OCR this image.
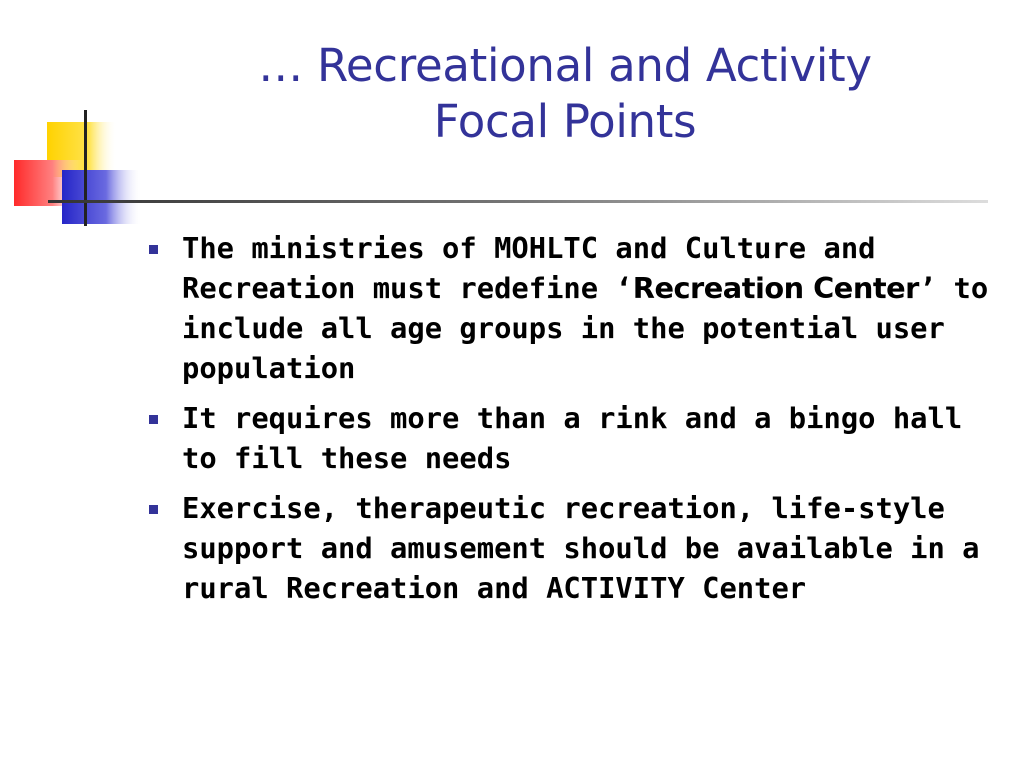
… Recreational and Activity
Focal Points
The ministries of MOHLTC and Culture and Recreation must redefine ‘Recreation Center’ to include all age groups in the potential user population
It requires more than a rink and a bingo hall to fill these needs
Exercise, therapeutic recreation, life-style support and amusement should be available in a rural Recreation and ACTIVITY Center
